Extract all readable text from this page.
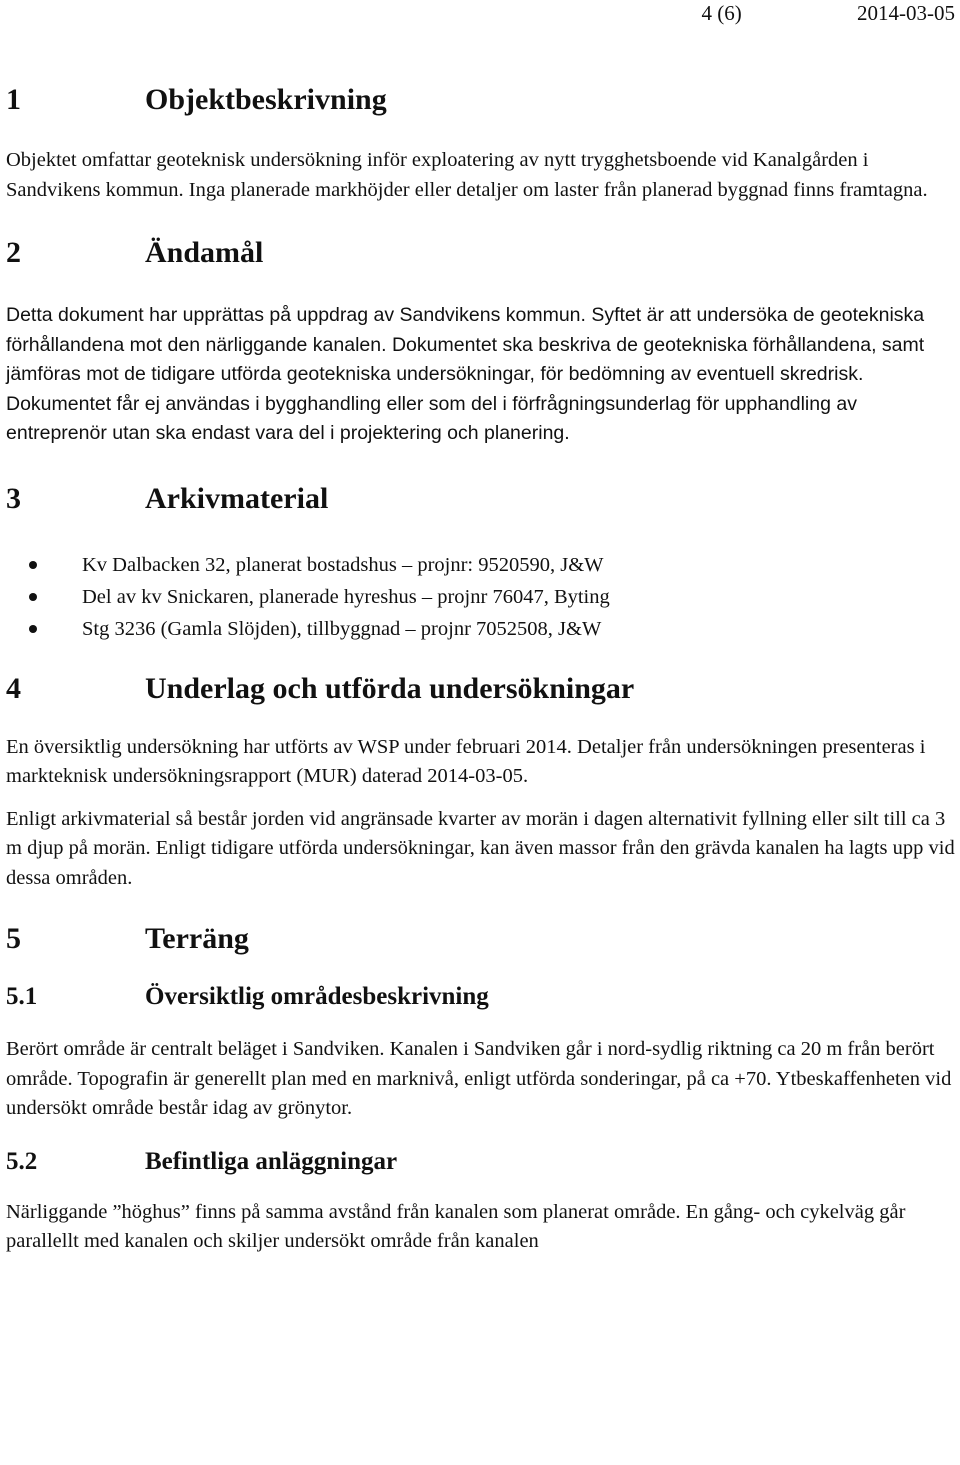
4 (6)	2014-03-05
1	Objektbeskrivning

Objektet omfattar geoteknisk undersökning inför exploatering av nytt trygghetsboende vid Kanalgården i Sandvikens kommun. Inga planerade markhöjder eller detaljer om laster från planerad byggnad finns framtagna.

2	Ändamål

Detta dokument har upprättas på uppdrag av Sandvikens kommun. Syftet är att undersöka de geotekniska förhållandena mot den närliggande kanalen. Dokumentet ska beskriva de geotekniska förhållandena, samt jämföras mot de tidigare utförda geotekniska undersökningar, för bedömning av eventuell skredrisk. Dokumentet får ej användas i bygghandling eller som del i förfrågningsunderlag för upphandling av entreprenör utan ska endast vara del i projektering och planering.

3	Arkivmaterial
Kv Dalbacken 32, planerat bostadshus – projnr: 9520590, J&W
Del av kv Snickaren, planerade hyreshus – projnr 76047, Byting
Stg 3236 (Gamla Slöjden), tillbyggnad – projnr 7052508, J&W
4	Underlag och utförda undersökningar

En översiktlig undersökning har utförts av WSP under februari 2014. Detaljer från undersökningen presenteras i markteknisk undersökningsrapport (MUR) daterad 2014-03-05.

Enligt arkivmaterial så består jorden vid angränsade kvarter av morän i dagen alternativit fyllning eller silt till ca 3 m djup på morän. Enligt tidigare utförda undersökningar, kan även massor från den grävda kanalen ha lagts upp vid dessa områden.

5	Terräng
5.1	Översiktlig områdesbeskrivning

Berört område är centralt beläget i Sandviken. Kanalen i Sandviken går i nord-sydlig riktning ca 20 m från berört område. Topografin är generellt plan med en marknivå, enligt utförda sonderingar, på ca +70. Ytbeskaffenheten vid undersökt område består idag av grönytor.

5.2	Befintliga anläggningar

Närliggande ”höghus” finns på samma avstånd från kanalen som planerat område. En gång- och cykelväg går parallellt med kanalen och skiljer undersökt område från kanalen
